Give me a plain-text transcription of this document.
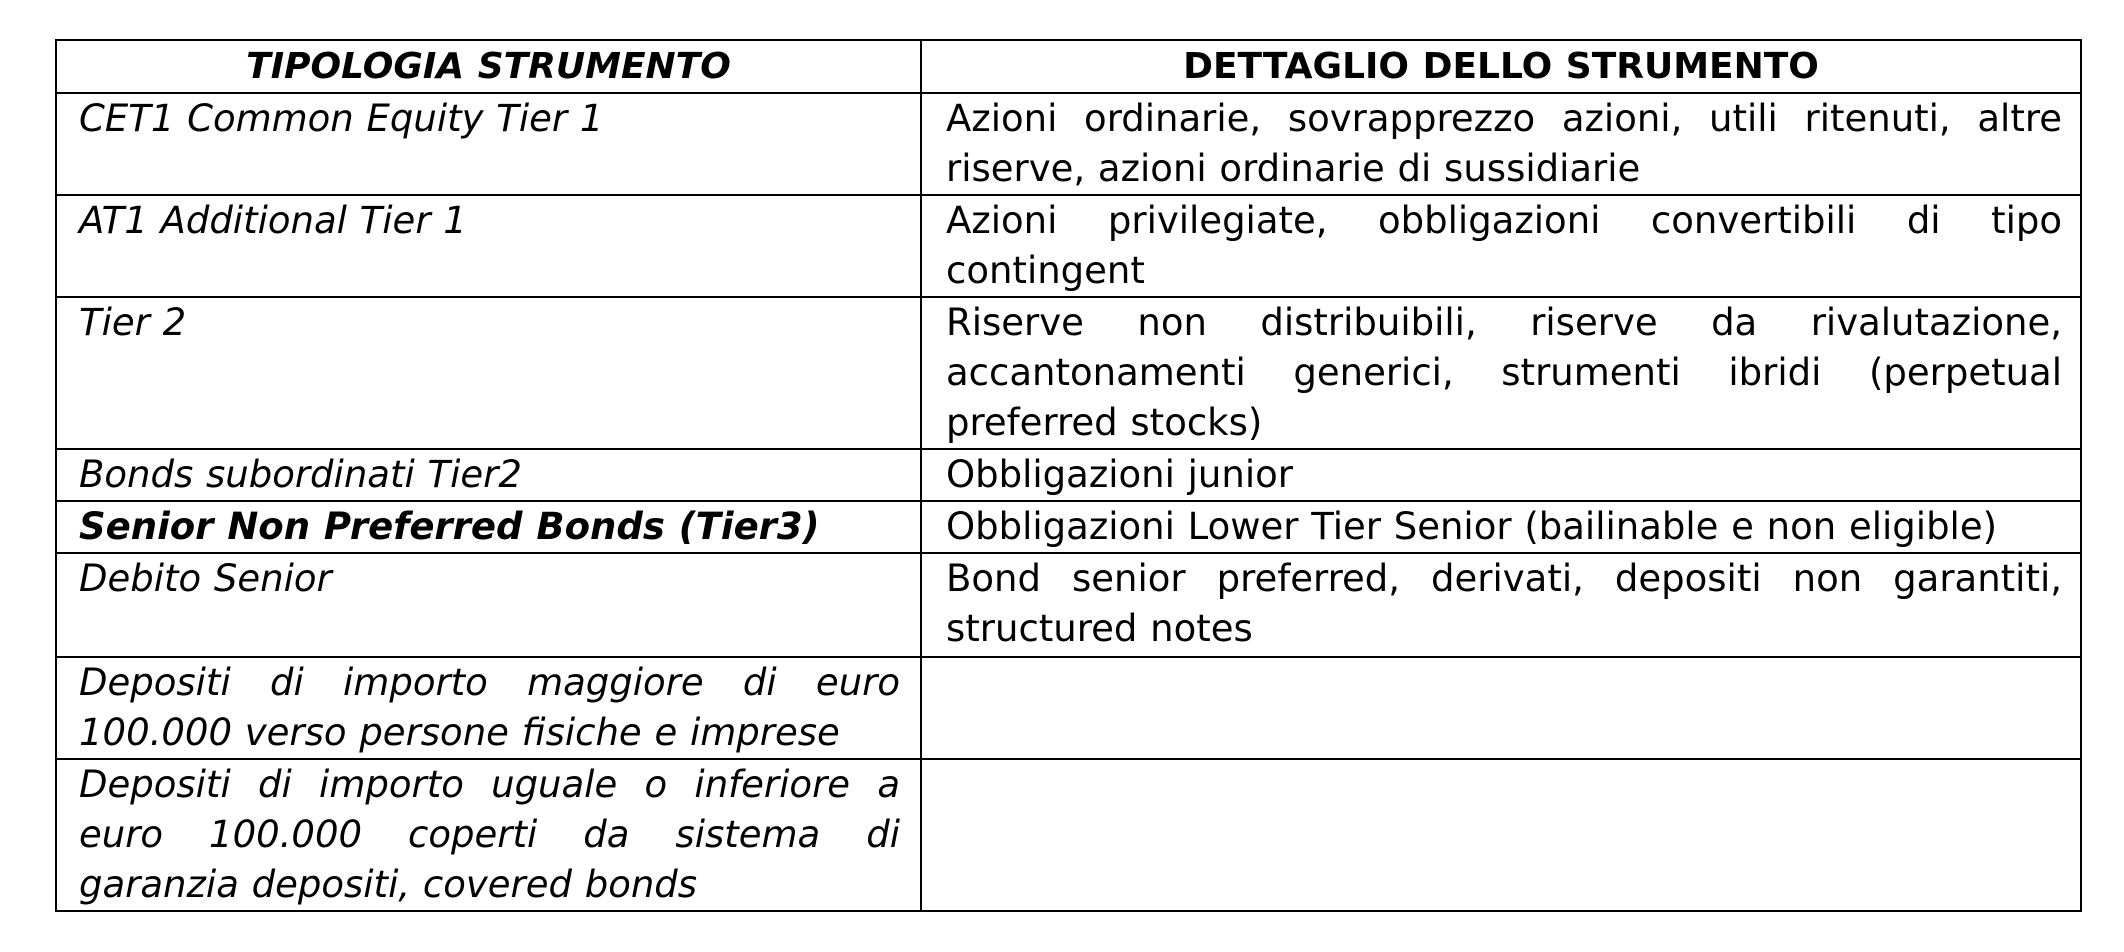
TIPOLOGIA STRUMENTO	DETTAGLIO DELLO STRUMENTO
CET1 Common Equity Tier 1	Azioni ordinarie, sovrapprezzo azioni, utili ritenuti, altre riserve, azioni ordinarie di sussidiarie
AT1 Additional Tier 1	Azioni privilegiate, obbligazioni convertibili di tipo contingent
Tier 2	Riserve non distribuibili, riserve da rivalutazione, accantonamenti generici, strumenti ibridi (perpetual preferred stocks)
Bonds subordinati Tier2	Obbligazioni junior
Senior Non Preferred Bonds (Tier3)	Obbligazioni Lower Tier Senior (bailinable e non eligible)
Debito Senior	Bond senior preferred, derivati, depositi non garantiti, structured notes
Depositi di importo maggiore di euro 100.000 verso persone fisiche e imprese	
Depositi di importo uguale o inferiore a euro 100.000 coperti da sistema di garanzia depositi, covered bonds	
